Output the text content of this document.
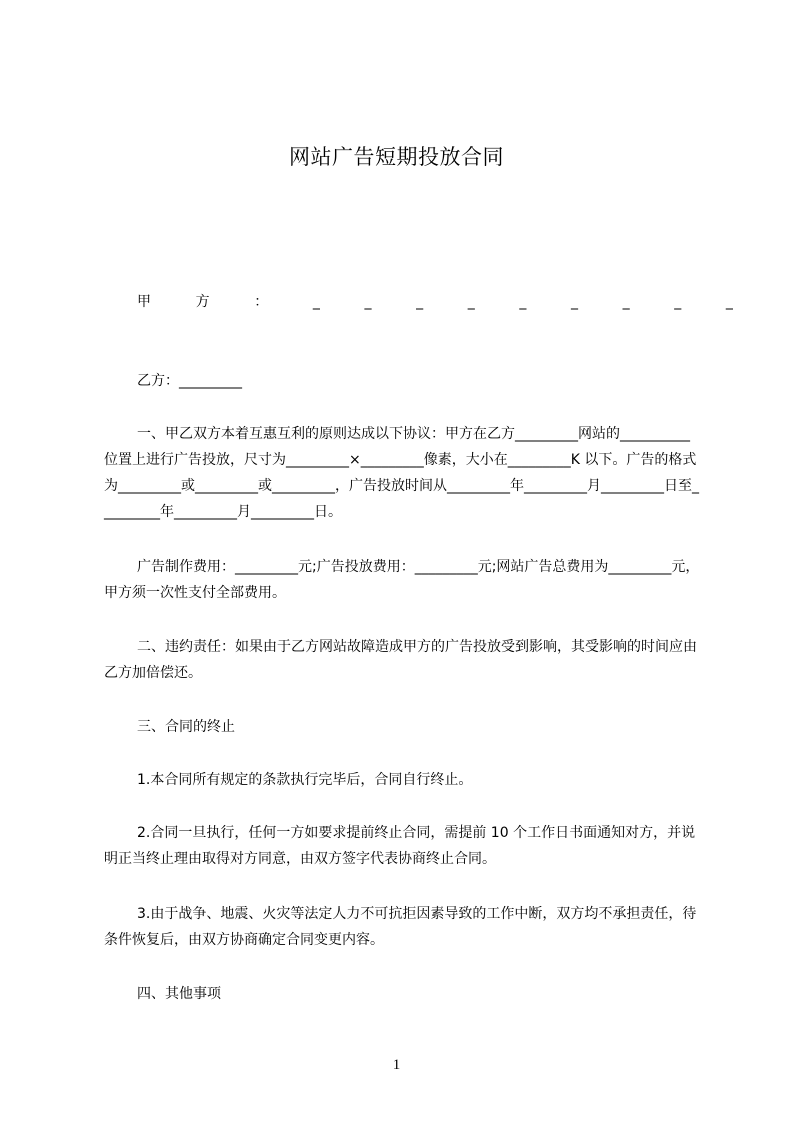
网站广告短期投放合同
甲	方	：	_	_	_	_	_	_	_	_	_
乙方：_________
一、甲乙双方本着互惠互利的原则达成以下协议：甲方在乙方_________网站的__________位置上进行广告投放，尺寸为_________×_________像素，大小在_________K 以下。广告的格式为_________或_________或_________，广告投放时间从_________年_________月_________日至_________年_________月_________日。
广告制作费用：_________元;广告投放费用：_________元;网站广告总费用为_________元，甲方须一次性支付全部费用。
二、违约责任：如果由于乙方网站故障造成甲方的广告投放受到影响，其受影响的时间应由乙方加倍偿还。
三、合同的终止
1.本合同所有规定的条款执行完毕后，合同自行终止。
2.合同一旦执行，任何一方如要求提前终止合同，需提前 10 个工作日书面通知对方，并说明正当终止理由取得对方同意，由双方签字代表协商终止合同。
3.由于战争、地震、火灾等法定人力不可抗拒因素导致的工作中断，双方均不承担责任，待条件恢复后，由双方协商确定合同变更内容。
四、其他事项
1
